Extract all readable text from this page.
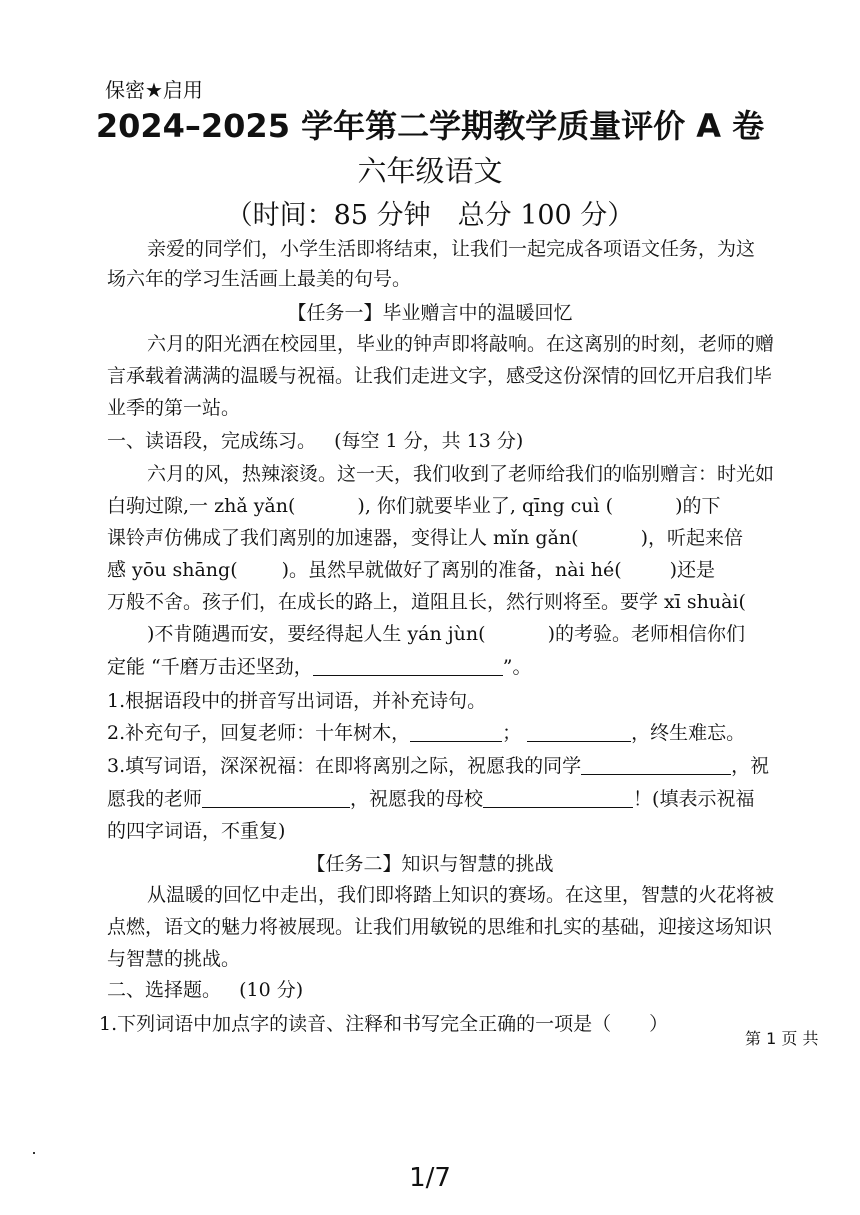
保密★启用
2024–2025 学年第二学期教学质量评价 A 卷
六年级语文
（时间：85 分钟　总分 100 分）
亲爱的同学们，小学生活即将结束，让我们一起完成各项语文任务，为这
场六年的学习生活画上最美的句号。
【任务一】毕业赠言中的温暖回忆
六月的阳光洒在校园里，毕业的钟声即将敲响。在这离别的时刻，老师的赠
言承载着满满的温暖与祝福。让我们走进文字，感受这份深情的回忆开启我们毕
业季的第一站。
一、读语段，完成练习。 (每空 1 分，共 13 分)
六月的风，热辣滚烫。这一天，我们收到了老师给我们的临别赠言：时光如
白驹过隙,一 zhǎ yǎn(	), 你们就要毕业了, qīng cuì (	)的下
课铃声仿佛成了我们离别的加速器，变得让人 mǐn gǎn(	)，听起来倍
感 yōu shāng( )。虽然早就做好了离别的准备，nài hé(	)还是
万般不舍。孩子们，在成长的路上，道阻且长，然行则将至。要学 xī shuài(
)不肯随遇而安，要经得起人生 yán jùn(	)的考验。老师相信你们
定能 “千磨万击还坚劲，	”。
1.根据语段中的拼音写出词语，并补充诗句。
2.补充句子，回复老师：十年树木，	；	，终生难忘。
3.填写词语，深深祝福：在即将离别之际，祝愿我的同学	，祝
愿我的老师	，祝愿我的母校	！(填表示祝福
的四字词语，不重复)
【任务二】知识与智慧的挑战
从温暖的回忆中走出，我们即将踏上知识的赛场。在这里，智慧的火花将被
点燃，语文的魅力将被展现。让我们用敏锐的思维和扎实的基础，迎接这场知识
与智慧的挑战。
二、选择题。 (10 分)
1.下列词语中加点字的读音、注释和书写完全正确的一项是（　　）
第 1 页 共
1/7
